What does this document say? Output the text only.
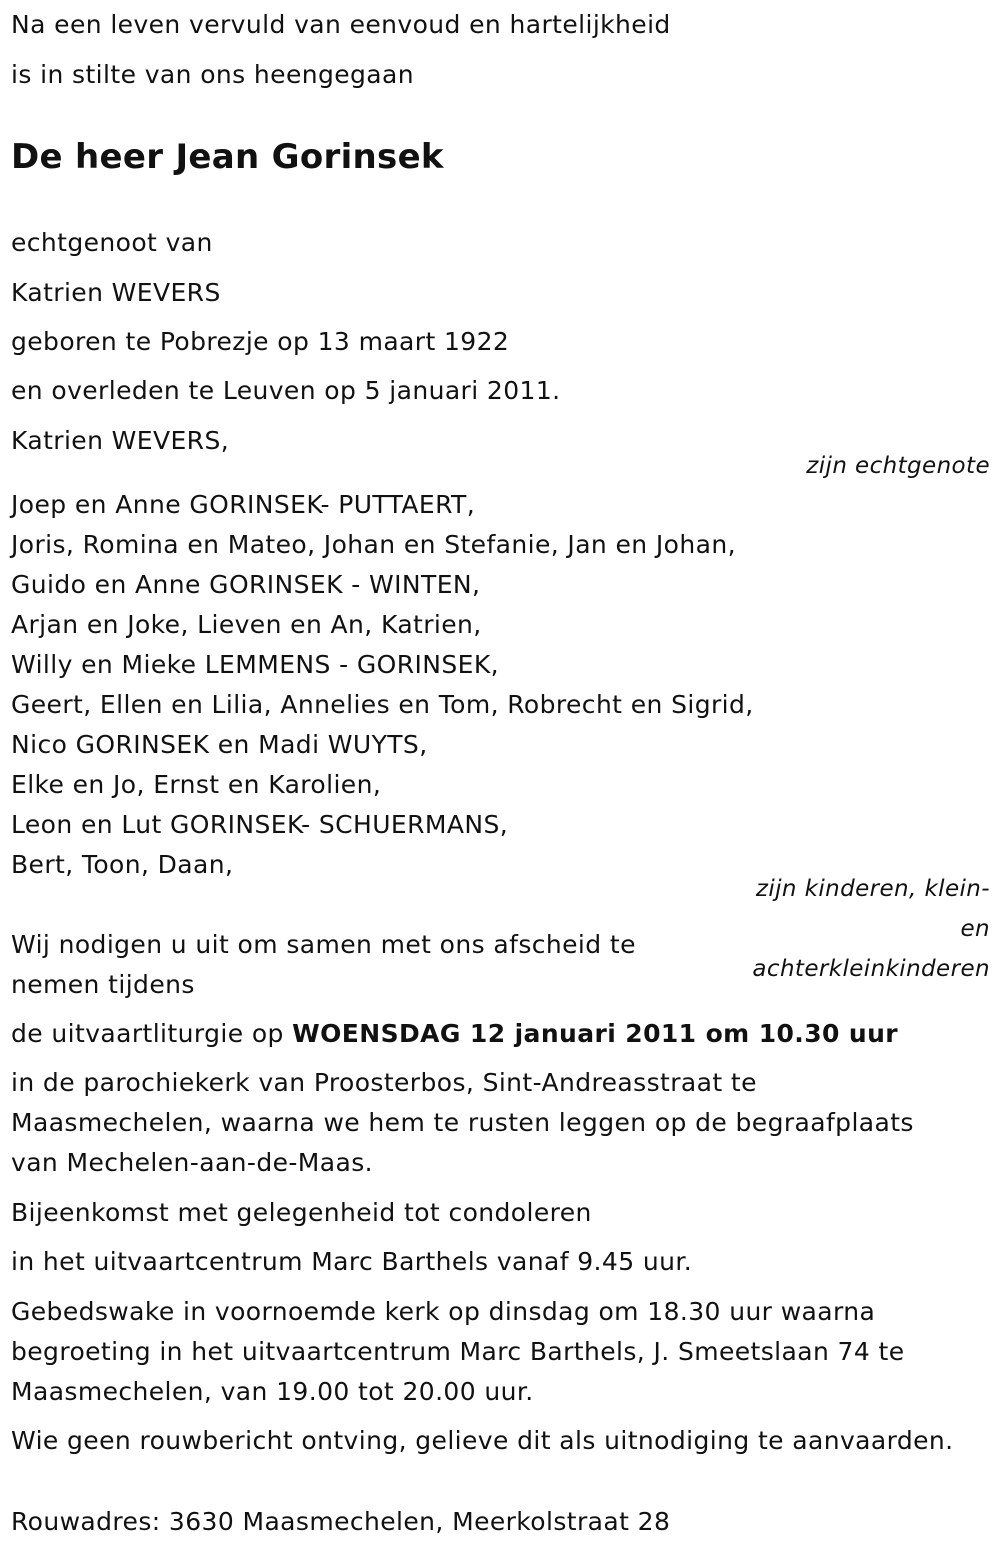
Na een leven vervuld van eenvoud en hartelijkheid
is in stilte van ons heengegaan
De heer Jean Gorinsek
echtgenoot van
Katrien WEVERS
geboren te Pobrezje op 13 maart 1922
en overleden te Leuven op 5 januari 2011.
Katrien WEVERS,
zijn echtgenote
Joep en Anne GORINSEK- PUTTAERT,
Joris, Romina en Mateo, Johan en Stefanie, Jan en Johan,
Guido en Anne GORINSEK - WINTEN,
Arjan en Joke, Lieven en An, Katrien,
Willy en Mieke LEMMENS - GORINSEK,
Geert, Ellen en Lilia, Annelies en Tom, Robrecht en Sigrid,
Nico GORINSEK en Madi WUYTS,
Elke en Jo, Ernst en Karolien,
Leon en Lut GORINSEK- SCHUERMANS,
Bert, Toon, Daan,
zijn kinderen, klein-
en
achterkleinkinderen
Wij nodigen u uit om samen met ons afscheid te
nemen tijdens
de uitvaartliturgie op WOENSDAG 12 januari 2011 om 10.30 uur
in de parochiekerk van Proosterbos, Sint-Andreasstraat te
Maasmechelen, waarna we hem te rusten leggen op de begraafplaats
van Mechelen-aan-de-Maas.
Bijeenkomst met gelegenheid tot condoleren
in het uitvaartcentrum Marc Barthels vanaf 9.45 uur.
Gebedswake in voornoemde kerk op dinsdag om 18.30 uur waarna
begroeting in het uitvaartcentrum Marc Barthels, J. Smeetslaan 74 te
Maasmechelen, van 19.00 tot 20.00 uur.
Wie geen rouwbericht ontving, gelieve dit als uitnodiging te aanvaarden.
Rouwadres: 3630 Maasmechelen, Meerkolstraat 28
